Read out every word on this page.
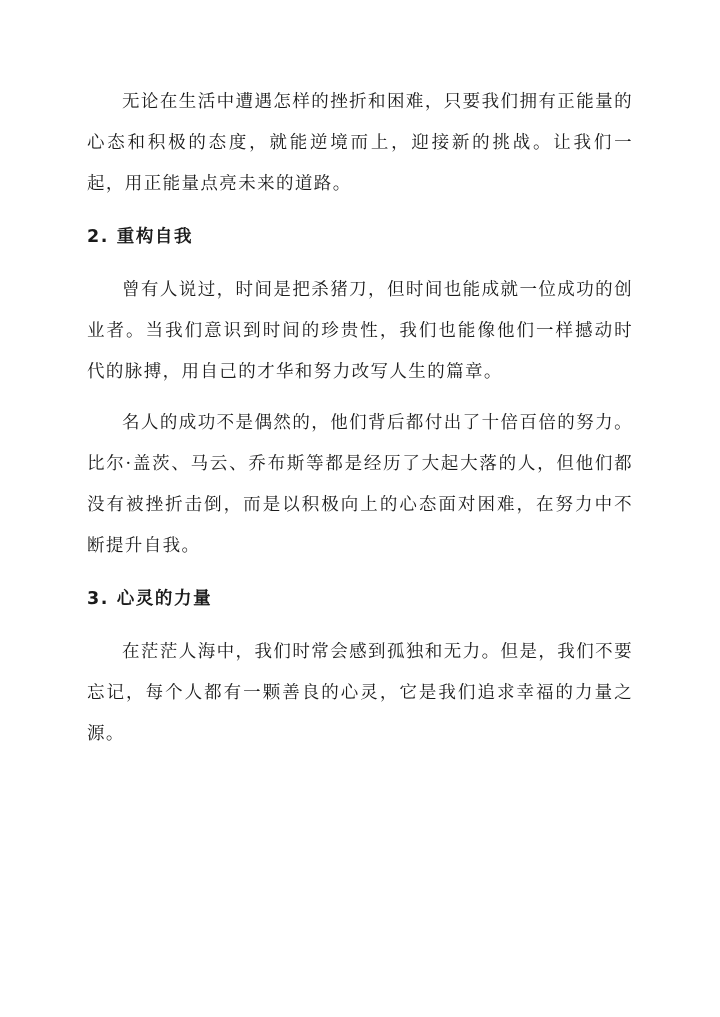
无论在生活中遭遇怎样的挫折和困难，只要我们拥有正能量的心态和积极的态度，就能逆境而上，迎接新的挑战。让我们一起，用正能量点亮未来的道路。

2. 重构自我

曾有人说过，时间是把杀猪刀，但时间也能成就一位成功的创业者。当我们意识到时间的珍贵性，我们也能像他们一样撼动时代的脉搏，用自己的才华和努力改写人生的篇章。

名人的成功不是偶然的，他们背后都付出了十倍百倍的努力。比尔·盖茨、马云、乔布斯等都是经历了大起大落的人，但他们都没有被挫折击倒，而是以积极向上的心态面对困难，在努力中不断提升自我。

3. 心灵的力量

在茫茫人海中，我们时常会感到孤独和无力。但是，我们不要忘记，每个人都有一颗善良的心灵，它是我们追求幸福的力量之源。
